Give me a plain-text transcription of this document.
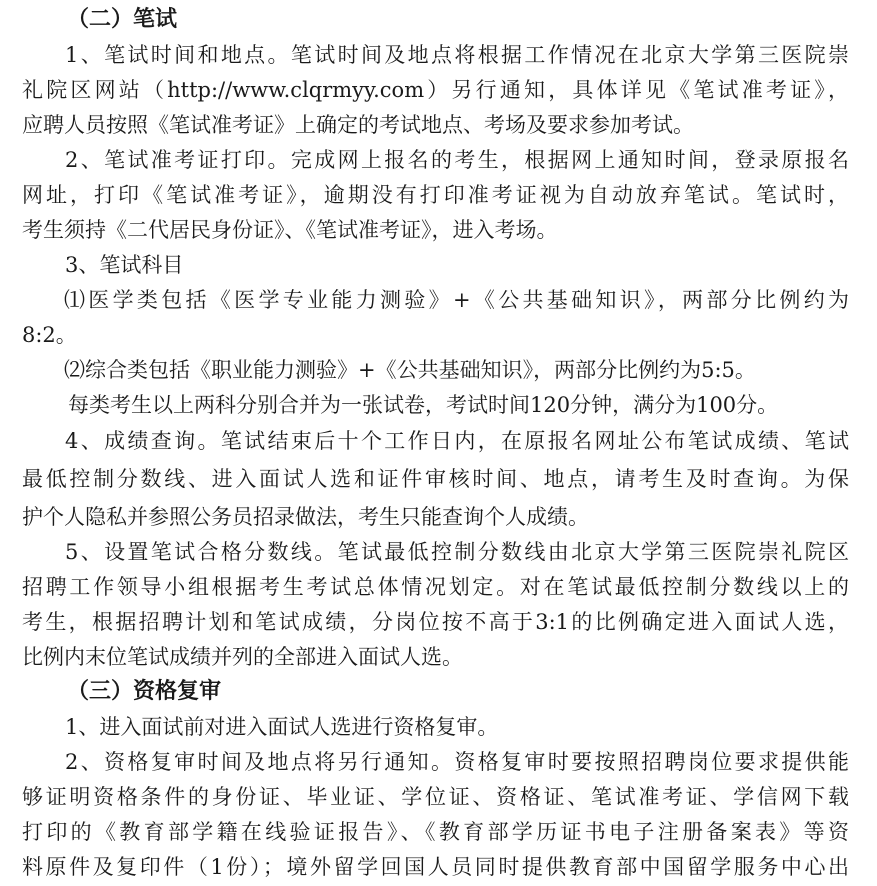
（二）笔试
1、笔试时间和地点。笔试时间及地点将根据工作情况在北京大学第三医院崇
礼院区网站（http://www.clqrmyy.com）另行通知，具体详见《笔试准考证》，
应聘人员按照《笔试准考证》上确定的考试地点、考场及要求参加考试。
2、笔试准考证打印。完成网上报名的考生，根据网上通知时间，登录原报名
网址，打印《笔试准考证》，逾期没有打印准考证视为自动放弃笔试。笔试时，
考生须持《二代居民身份证》、《笔试准考证》，进入考场。
3、笔试科目
⑴医学类包括《医学专业能力测验》+《公共基础知识》，两部分比例约为
8:2。
⑵综合类包括《职业能力测验》+《公共基础知识》，两部分比例约为5:5。
每类考生以上两科分别合并为一张试卷，考试时间120分钟，满分为100分。
4、成绩查询。笔试结束后十个工作日内，在原报名网址公布笔试成绩、笔试
最低控制分数线、进入面试人选和证件审核时间、地点，请考生及时查询。为保
护个人隐私并参照公务员招录做法，考生只能查询个人成绩。
5、设置笔试合格分数线。笔试最低控制分数线由北京大学第三医院崇礼院区
招聘工作领导小组根据考生考试总体情况划定。对在笔试最低控制分数线以上的
考生，根据招聘计划和笔试成绩，分岗位按不高于3:1的比例确定进入面试人选，
比例内末位笔试成绩并列的全部进入面试人选。
（三）资格复审
1、进入面试前对进入面试人选进行资格复审。
2、资格复审时间及地点将另行通知。资格复审时要按照招聘岗位要求提供能
够证明资格条件的身份证、毕业证、学位证、资格证、笔试准考证、学信网下载
打印的《教育部学籍在线验证报告》、《教育部学历证书电子注册备案表》等资
料原件及复印件（1份）；境外留学回国人员同时提供教育部中国留学服务中心出
